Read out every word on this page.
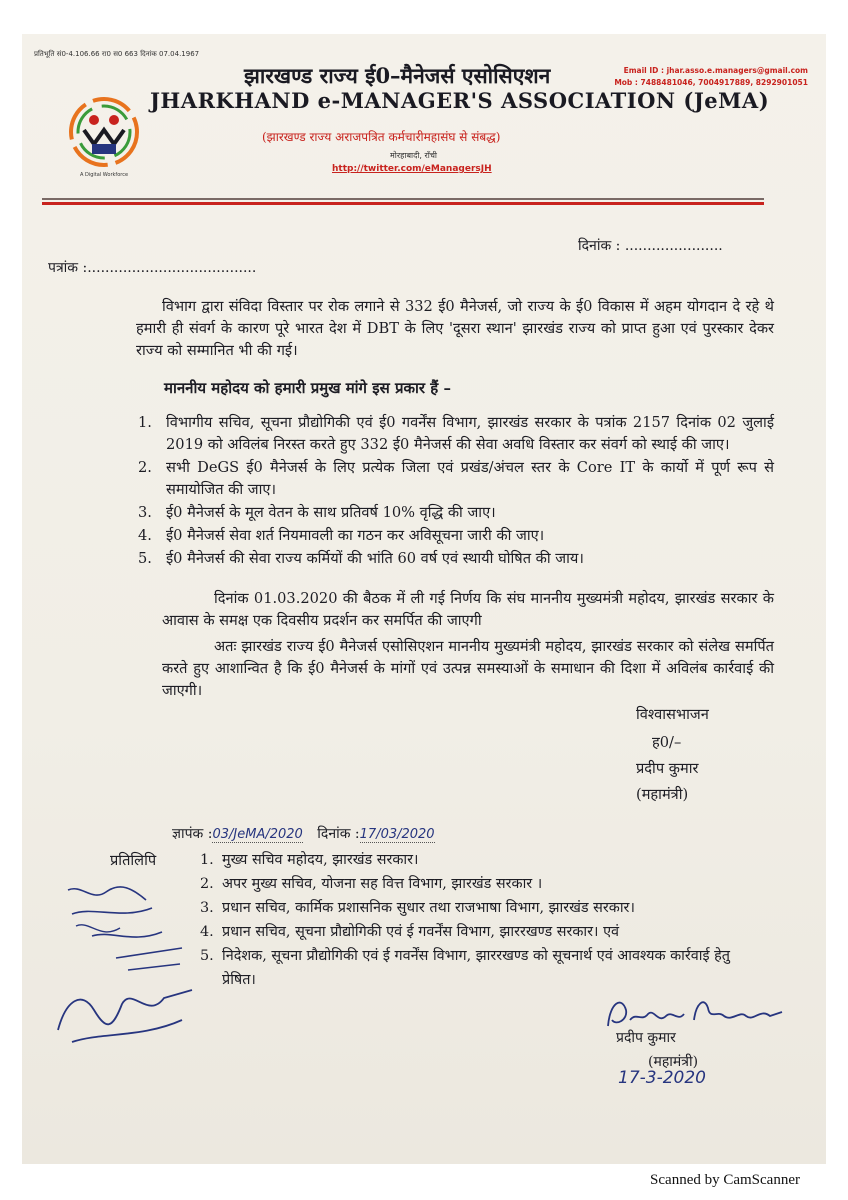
प्रतिभूति सं0-4.106.66 रा0 स0 663 दिनांक 07.04.1967
Email ID : jhar.asso.e.managers@gmail.com
Mob : 7488481046, 7004917889, 8292901051
A Digital Workforce
झारखण्ड राज्य ई0–मैनेजर्स एसोसिएशन
JHARKHAND e-MANAGER'S ASSOCIATION (JeMA)
(झारखण्ड राज्य अराजपत्रित कर्मचारीमहासंघ से संबद्ध)
मोरहाबादी, राँची
http://twitter.com/eManagersJH
दिनांक : ......................
पत्रांक :......................................
विभाग द्वारा संविदा विस्तार पर रोक लगाने से 332 ई0 मैनेजर्स, जो राज्य के ई0 विकास में अहम योगदान दे रहे थे हमारी ही संवर्ग के कारण पूरे भारत देश में DBT के लिए 'दूसरा स्थान' झारखंड राज्य को प्राप्त हुआ एवं पुरस्कार देकर राज्य को सम्मानित भी की गई।
माननीय महोदय को हमारी प्रमुख मांगे इस प्रकार हैं –
1. विभागीय सचिव, सूचना प्रौद्योगिकी एवं ई0 गवर्नेंस विभाग, झारखंड सरकार के पत्रांक 2157 दिनांक 02 जुलाई 2019 को अविलंब निरस्त करते हुए 332 ई0 मैनेजर्स की सेवा अवधि विस्तार कर संवर्ग को स्थाई की जाए।
2. सभी DeGS ई0 मैनेजर्स के लिए प्रत्येक जिला एवं प्रखंड/अंचल स्तर के Core IT के कार्यो में पूर्ण रूप से समायोजित की जाए।
3. ई0 मैनेजर्स के मूल वेतन के साथ प्रतिवर्ष 10% वृद्धि की जाए।
4. ई0 मैनेजर्स सेवा शर्त नियमावली का गठन कर अविसूचना जारी की जाए।
5. ई0 मैनेजर्स की सेवा राज्य कर्मियों की भांति 60 वर्ष एवं स्थायी घोषित की जाय।
दिनांक 01.03.2020 की बैठक में ली गई निर्णय कि संघ माननीय मुख्यमंत्री महोदय, झारखंड सरकार के आवास के समक्ष एक दिवसीय प्रदर्शन कर समर्पित की जाएगी
अतः झारखंड राज्य ई0 मैनेजर्स एसोसिएशन माननीय मुख्यमंत्री महोदय, झारखंड सरकार को संलेख समर्पित करते हुए आशान्वित है कि ई0 मैनेजर्स के मांगों एवं उत्पन्न समस्याओं के समाधान की दिशा में अविलंब कार्रवाई की जाएगी।
विश्वासभाजन
ह0/–
प्रदीप कुमार
(महामंत्री)
ज्ञापंक :03/JeMA/2020 दिनांक :17/03/2020
प्रतिलिपि	1. मुख्य सचिव महोदय, झारखंड सरकार।
2. अपर मुख्य सचिव, योजना सह वित्त विभाग, झारखंड सरकार ।
3. प्रधान सचिव, कार्मिक प्रशासनिक सुधार तथा राजभाषा विभाग, झारखंड सरकार।
4. प्रधान सचिव, सूचना प्रौद्योगिकी एवं ई गवर्नेंस विभाग, झाररखण्ड सरकार। एवं
5. निदेशक, सूचना प्रौद्योगिकी एवं ई गवर्नेंस विभाग, झाररखण्ड को सूचनार्थ एवं आवश्यक कार्रवाई हेतु प्रेषित।
प्रदीप कुमार
(महामंत्री)
17-3-2020
Scanned by CamScanner
